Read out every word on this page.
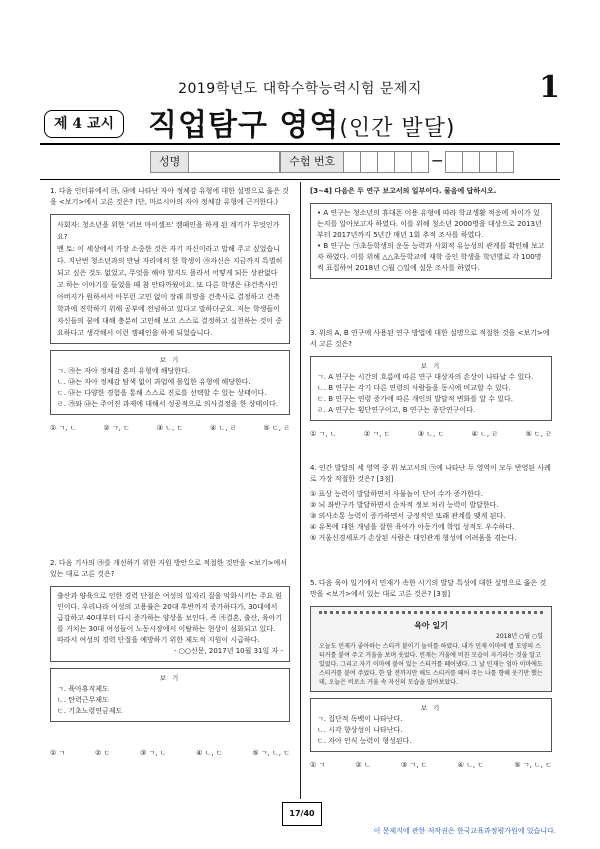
2019학년도 대학수학능력시험 문제지	1
제 4 교시	직업탐구 영역(인간 발달)
성명	수험 번호	—
1. 다음 인터뷰에서 ㉮, ㉯에 나타난 자아 정체감 유형에 대한 설명으로 옳은 것을 <보기>에서 고른 것은? (단, 마르시아의 자아 정체감 유형에 근거한다.)
사회자: 청소년을 위한 '러브 마이셀프' 캠페인을 하게 된 계기가 무엇인가요?
멘 토: 이 세상에서 가장 소중한 것은 자기 자신이라고 말해 주고 싶었습니다. 지난번 청소년과의 만남 자리에서 한 학생이 ㉮자신은 지금까지 특별히 되고 싶은 것도 없었고, 무엇을 해야 할지도 몰라서 어떻게 되든 상관없다고 하는 이야기를 들었을 때 참 안타까웠어요. 또 다른 학생은 ㉯건축사인 아버지가 원하셔서 아무런 고민 없이 장래 희망을 건축사로 결정하고 건축학과에 진학하기 위해 공부에 전념하고 있다고 말하더군요. 저는 학생들이 자신들의 꿈에 대해 충분히 고민해 보고 스스로 결정하고 실천하는 것이 중요하다고 생각해서 이런 캠페인을 하게 되었습니다.
보 기
ㄱ. ㉮는 자아 정체감 혼미 유형에 해당한다.
ㄴ. ㉯는 자아 정체감 탐색 없이 과업에 몰입한 유형에 해당한다.
ㄷ. ㉯는 다양한 경험을 통해 스스로 진로를 선택할 수 있는 상태이다.
ㄹ. ㉮와 ㉯는 주어진 과제에 대해서 성공적으로 의사결정을 한 상태이다.
① ㄱ, ㄴ	② ㄱ, ㄷ	③ ㄴ, ㄷ	④ ㄴ, ㄹ	⑤ ㄷ, ㄹ
2. 다음 기사의 ㉮를 개선하기 위한 지원 방안으로 적절한 것만을 <보기>에서 있는 대로 고른 것은?
출산과 양육으로 인한 경력 단절은 여성의 일자리 질을 악화시키는 주요 원인이다. 우리나라 여성의 고용률은 20대 후반까지 증가하다가, 30대에서 급감하고 40대부터 다시 증가하는 양상을 보인다. 즉 ㉮결혼, 출산, 육아기를 거치는 30대 여성들이 노동시장에서 이탈하는 현상이 심화되고 있다. 따라서 여성의 경력 단절을 예방하기 위한 제도적 지원이 시급하다.
- ○○신문, 2017년 10월 31일 자 -
보 기
ㄱ. 육아휴직제도
ㄴ. 탄력근무제도
ㄷ. 기초노령연금제도
① ㄱ	② ㄷ	③ ㄱ, ㄴ	④ ㄴ, ㄷ	⑤ ㄱ, ㄴ, ㄷ
[3~4] 다음은 두 연구 보고서의 일부이다. 물음에 답하시오.
• A 연구는 청소년의 휴대폰 이용 유형에 따라 학교생활 적응에 차이가 있는지를 알아보고자 하였다. 이를 위해 청소년 2000명을 대상으로 2013년부터 2017년까지 5년간 매년 1회 추적 조사를 하였다.
• B 연구는 ㉠초등학생의 운동 능력과 사회적 유능성의 관계를 확인해 보고자 하였다. 이를 위해 △△초등학교에 재학 중인 학생을 학년별로 각 100명씩 표집하여 2018년 ○월 ○일에 설문 조사를 하였다.
3. 위의 A, B 연구에 사용된 연구 방법에 대한 설명으로 적절한 것을 <보기>에서 고른 것은?
보 기
ㄱ. A 연구는 시간의 흐름에 따른 연구 대상자의 손상이 나타날 수 있다.
ㄴ. B 연구는 각기 다른 연령의 사람들을 동시에 비교할 수 있다.
ㄷ. B 연구는 연령 증가에 따른 개인의 발달적 변화를 알 수 있다.
ㄹ. A 연구는 횡단연구이고, B 연구는 종단연구이다.
① ㄱ, ㄴ	② ㄱ, ㄷ	③ ㄴ, ㄷ	④ ㄴ, ㄹ	⑤ ㄷ, ㄹ
4. 인간 발달의 세 영역 중 위 보고서의 ㉠에 나타난 두 영역이 모두 반영된 사례로 가장 적절한 것은? [3점]
① 표상 능력이 발달하면서 사물놀이 단어 수가 증가한다.
② 뇌 좌반구가 발달하면서 순차적 정보 처리 능력이 발달한다.
③ 의사소통 능력이 증가하면서 긍정적인 또래 관계를 맺게 된다.
④ 유목에 대한 개념을 잘한 육아가 아동기에 학업 성적도 우수하다.
⑤ 거울신경세포가 손상된 사람은 대인관계 형성에 어려움을 겪는다.
5. 다음 육아 일기에서 민재가 속한 시기의 발달 특성에 대한 설명으로 옳은 것만을 <보기>에서 있는 대로 고른 것은? [3점]
육아 일기
2018년 ○월 ○일
오늘도 민재가 좋아하는 스티커 붙이기 놀이를 하였다. 내가 민재 이마에 별 모양의 스티커를 붙여 주고 거울을 보며 웃었다. 민재는 거울에 비친 모습이 자기라는 것을 알고 있었다. 그리고 자기 이마에 붙어 있는 스티커를 떼어냈다. 그 날 민재는 엄마 이마에도 스티커를 붙여 주었다. 한 달 전까지만 해도 스티커를 떼어 주는 나를 향해 웃기만 했는데, 오늘은 비로소 거울 속 자신의 모습을 알아보았다.
보 기
ㄱ. 집단적 독백이 나타난다.
ㄴ. 시각 향상성이 나타난다.
ㄷ. 자아 인식 능력이 형성된다.
① ㄱ	② ㄴ	③ ㄱ, ㄷ	④ ㄴ, ㄷ	⑤ ㄱ, ㄴ, ㄷ
17/40
이 문제지에 관한 저작권은 한국교육과정평가원에 있습니다.
